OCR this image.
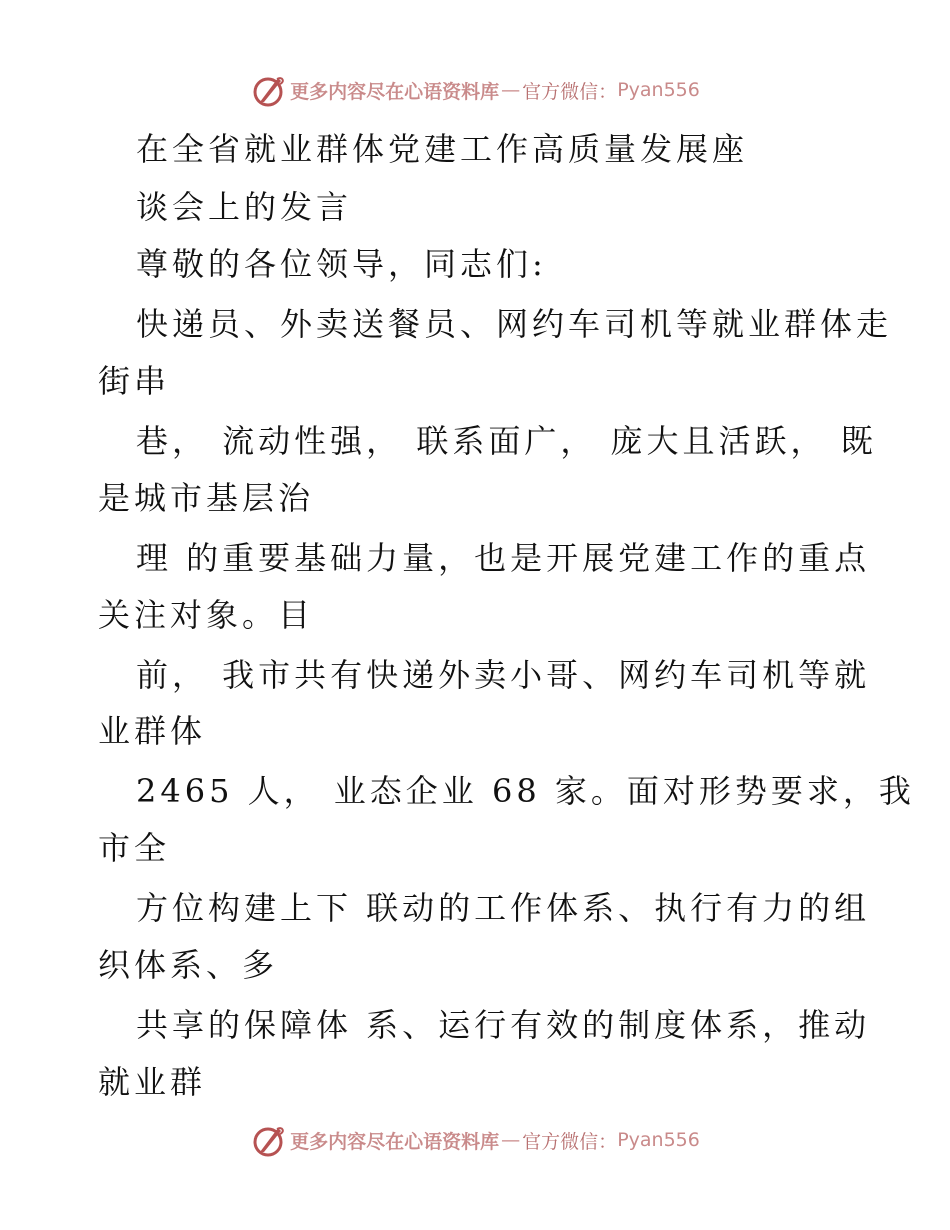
更多内容尽在心语资料库 — 官方微信： Pyan556
在全省就业群体党建工作高质量发展座
谈会上的发言
尊敬的各位领导，同志们:
快递员、外卖送餐员、网约车司机等就业群体走
街串
巷， 流动性强， 联系面广， 庞大且活跃， 既
是城市基层治
理 的重要基础力量，也是开展党建工作的重点
关注对象。目
前， 我市共有快递外卖小哥、网约车司机等就
业群体
2465 人， 业态企业 68 家。面对形势要求，我
市全
方位构建上下 联动的工作体系、执行有力的组
织体系、多
共享的保障体 系、运行有效的制度体系，推动
就业群
更多内容尽在心语资料库 — 官方微信： Pyan556
